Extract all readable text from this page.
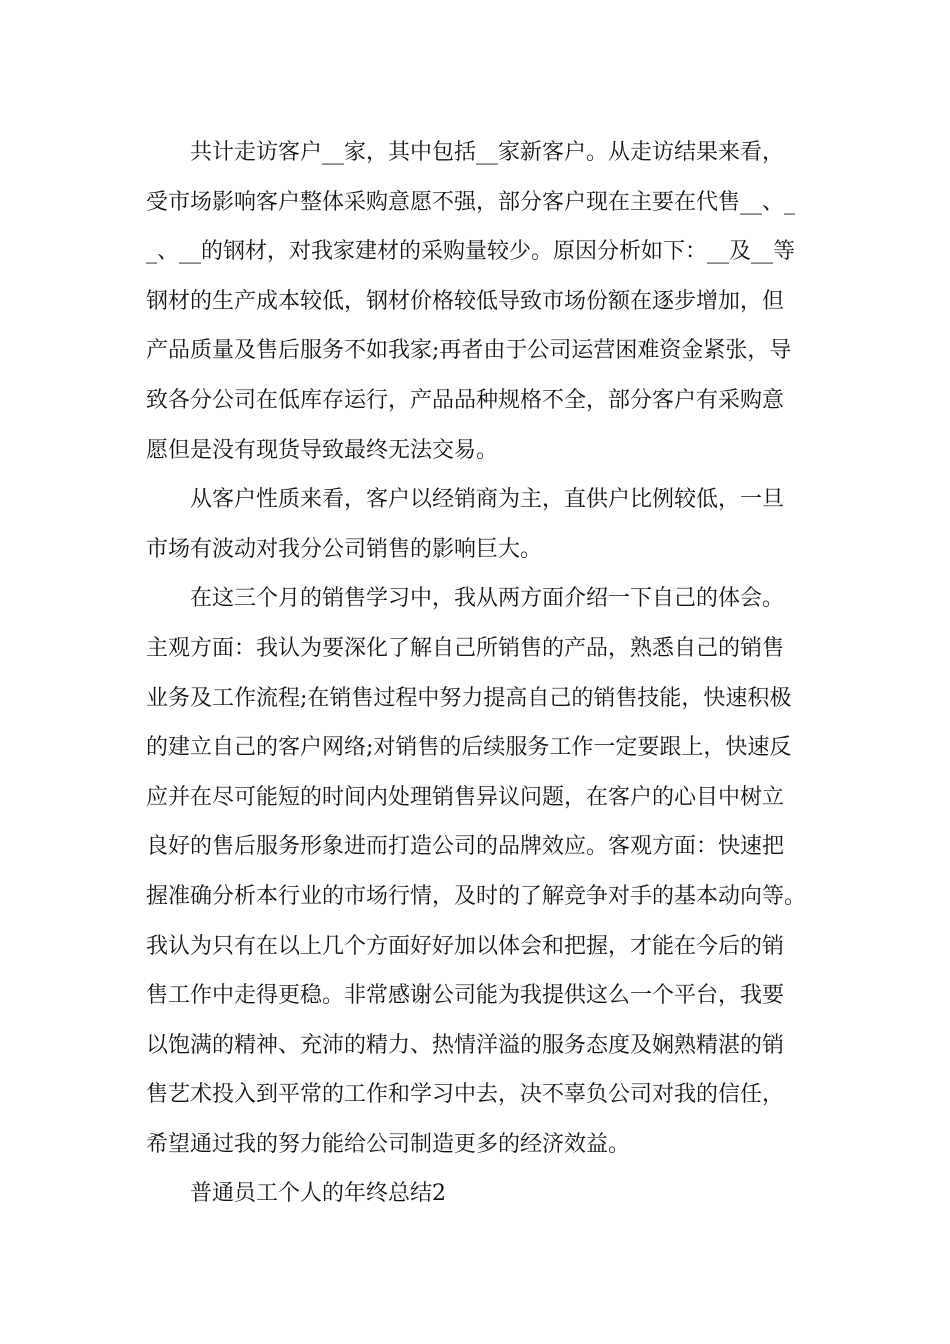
共计走访客户__家，其中包括__家新客户。从走访结果来看，

受市场影响客户整体采购意愿不强，部分客户现在主要在代售__、_

_、__的钢材，对我家建材的采购量较少。原因分析如下：__及__等

钢材的生产成本较低，钢材价格较低导致市场份额在逐步增加，但

产品质量及售后服务不如我家;再者由于公司运营困难资金紧张，导

致各分公司在低库存运行，产品品种规格不全，部分客户有采购意

愿但是没有现货导致最终无法交易。

从客户性质来看，客户以经销商为主，直供户比例较低，一旦

市场有波动对我分公司销售的影响巨大。

在这三个月的销售学习中，我从两方面介绍一下自己的体会。

主观方面：我认为要深化了解自己所销售的产品，熟悉自己的销售

业务及工作流程;在销售过程中努力提高自己的销售技能，快速积极

的建立自己的客户网络;对销售的后续服务工作一定要跟上，快速反

应并在尽可能短的时间内处理销售异议问题，在客户的心目中树立

良好的售后服务形象进而打造公司的品牌效应。客观方面：快速把

握准确分析本行业的市场行情，及时的了解竞争对手的基本动向等。

我认为只有在以上几个方面好好加以体会和把握，才能在今后的销

售工作中走得更稳。非常感谢公司能为我提供这么一个平台，我要

以饱满的精神、充沛的精力、热情洋溢的服务态度及娴熟精湛的销

售艺术投入到平常的工作和学习中去，决不辜负公司对我的信任，

希望通过我的努力能给公司制造更多的经济效益。

普通员工个人的年终总结2
